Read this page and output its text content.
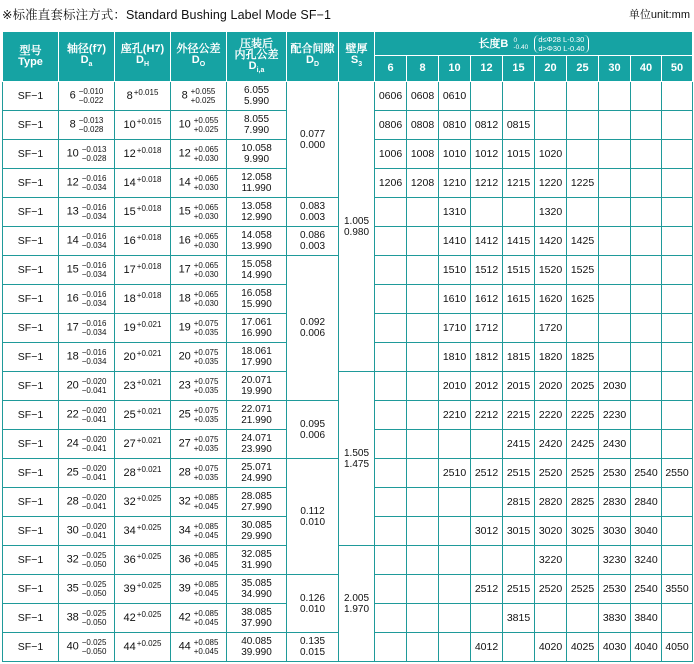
※标准直套标注方式：Standard Bushing Label Mode SF−1	单位unit:mm
型号
Type	轴径(f7)
$D_a$	座孔(H7)
$D_H$	外径公差
$D_O$	压装后
内孔公差
$D_{i,a}$	配合间隙
$D_D$	壁厚
$S_3$	长度B 0
-0.40 d≤Φ28 L-0.30
d>Φ30 L-0.40									
							6	8	10	12	15	20	25	30	40	50
SF−1	6 −0.010
−0.022	8+0.015	8 +0.055
+0.025	6.055
5.990	0.077
0.000	1.005
0.980	0606	0608	0610							
SF−1	8 −0.013
−0.028	10+0.015	10 +0.055
+0.025	8.055
7.990			0806	0808	0810	0812	0815					
SF−1	10 −0.013
−0.028	12+0.018	12 +0.065
+0.030	10.058
9.990			1006	1008	1010	1012	1015	1020				
SF−1	12 −0.016
−0.034	14+0.018	14 +0.065
+0.030	12.058
11.990			1206	1208	1210	1212	1215	1220	1225			
SF−1	13 −0.016
−0.034	15+0.018	15 +0.065
+0.030	13.058
12.990	0.083
0.003				1310			1320				
SF−1	14 −0.016
−0.034	16+0.018	16 +0.065
+0.030	14.058
13.990	0.086
0.003				1410	1412	1415	1420	1425			
SF−1	15 −0.016
−0.034	17+0.018	17 +0.065
+0.030	15.058
14.990	0.092
0.006				1510	1512	1515	1520	1525			
SF−1	16 −0.016
−0.034	18+0.018	18 +0.065
+0.030	16.058
15.990					1610	1612	1615	1620	1625			
SF−1	17 −0.016
−0.034	19+0.021	19 +0.075
+0.035	17.061
16.990					1710	1712		1720				
SF−1	18 −0.016
−0.034	20+0.021	20 +0.075
+0.035	18.061
17.990					1810	1812	1815	1820	1825			
SF−1	20 −0.020
−0.041	23+0.021	23 +0.075
+0.035	20.071
19.990		1.505
1.475			2010	2012	2015	2020	2025	2030		
SF−1	22 −0.020
−0.041	25+0.021	25 +0.075
+0.035	22.071
21.990	0.095
0.006				2210	2212	2215	2220	2225	2230		
SF−1	24 −0.020
−0.041	27+0.021	27 +0.075
+0.035	24.071
23.990							2415	2420	2425	2430		
SF−1	25 −0.020
−0.041	28+0.021	28 +0.075
+0.035	25.071
24.990	0.112
0.010				2510	2512	2515	2520	2525	2530	2540	2550
SF−1	28 −0.020
−0.041	32+0.025	32 +0.085
+0.045	28.085
27.990							2815	2820	2825	2830	2840	
SF−1	30 −0.020
−0.041	34+0.025	34 +0.085
+0.045	30.085
29.990						3012	3015	3020	3025	3030	3040	
SF−1	32 −0.025
−0.050	36+0.025	36 +0.085
+0.045	32.085
31.990		2.005
1.970						3220		3230	3240	
SF−1	35 −0.025
−0.050	39+0.025	39 +0.085
+0.045	35.085
34.990	0.126
0.010					2512	2515	2520	2525	2530	2540	3550
SF−1	38 −0.025
−0.050	42+0.025	42 +0.085
+0.045	38.085
37.990							3815			3830	3840	
SF−1	40 −0.025
−0.050	44+0.025	44 +0.085
+0.045	40.085
39.990	0.135
0.015					4012		4020	4025	4030	4040	4050
